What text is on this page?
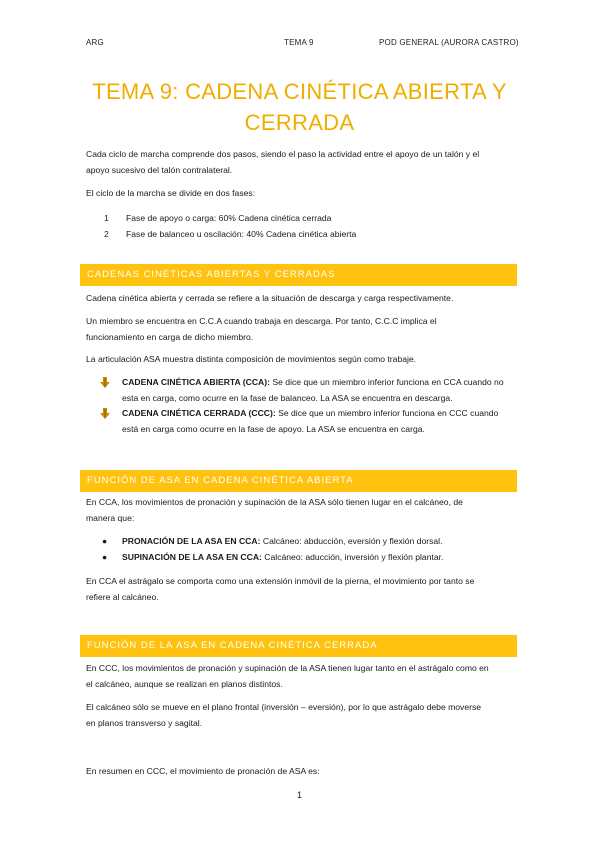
ARG	TEMA 9	POD GENERAL (AURORA CASTRO)
TEMA 9: CADENA CINÉTICA ABIERTA Y
CERRADA

Cada ciclo de marcha comprende dos pasos, siendo el paso la actividad entre el apoyo de un talón y el
apoyo sucesivo del talón contralateral.

El ciclo de la marcha se divide en dos fases:

1 Fase de apoyo o carga: 60% Cadena cinética cerrada
2 Fase de balanceo u oscilación: 40% Cadena cinética abierta
CADENAS CINÉTICAS ABIERTAS Y CERRADAS

Cadena cinética abierta y cerrada se refiere a la situación de descarga y carga respectivamente.

Un miembro se encuentra en C.C.A cuando trabaja en descarga. Por tanto, C.C.C implica el
funcionamiento en carga de dicho miembro.

La articulación ASA muestra distinta composición de movimientos según como trabaje.

CADENA CINÉTICA ABIERTA (CCA): Se dice que un miembro inferior funciona en CCA cuando no
esta en carga, como ocurre en la fase de balanceo. La ASA se encuentra en descarga.
CADENA CINÉTICA CERRADA (CCC): Se dice que un miembro inferior funciona en CCC cuando
está en carga como ocurre en la fase de apoyo. La ASA se encuentra en carga.
FUNCIÓN DE ASA EN CADENA CINÉTICA ABIERTA

En CCA, los movimientos de pronación y supinación de la ASA sólo tienen lugar en el calcáneo, de
manera que:

● PRONACIÓN DE LA ASA EN CCA: Calcáneo: abducción, eversión y flexión dorsal.
● SUPINACIÓN DE LA ASA EN CCA: Calcáneo: aducción, inversión y flexión plantar.

En CCA el astrágalo se comporta como una extensión inmóvil de la pierna, el movimiento por tanto se
refiere al calcáneo.

FUNCIÓN DE LA ASA EN CADENA CINÉTICA CERRADA

En CCC, los movimientos de pronación y supinación de la ASA tienen lugar tanto en el astrágalo como en
el calcáneo, aunque se realizan en planos distintos.

El calcáneo sólo se mueve en el plano frontal (inversión – eversión), por lo que astrágalo debe moverse
en planos transverso y sagital.

En resumen en CCC, el movimiento de pronación de ASA es:

1
